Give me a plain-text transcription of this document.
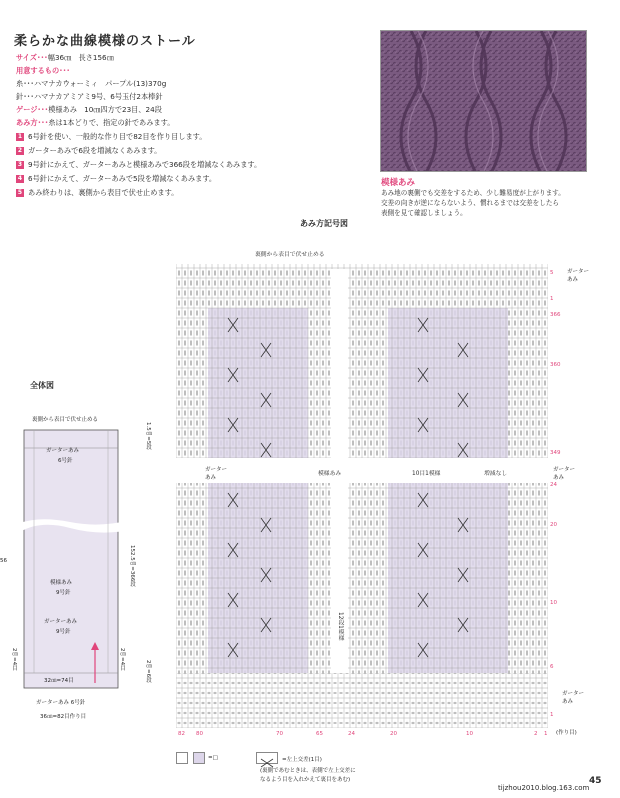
柔らかな曲線模様のストール
サイズ･･･幅36㎝　長さ156㎝
用意するもの･･･
糸･･･ハマナカウォーミィ　パープル(13)370g
針･･･ハマナカアミアミ9号、6号玉付2本棒針
ゲージ･･･模様あみ　10㎝四方で23目、24段
あみ方･･･糸は1本どりで、指定の針であみます。
1 6号針を使い、一般的な作り目で82目を作り目します。
2 ガーターあみで6段を増減なくあみます。
3 9号針にかえて、ガーターあみと模様あみで366段を増減なくあみます。
4 6号針にかえて、ガーターあみで5段を増減なくあみます。
5 あみ終わりは、裏側から表目で伏せ止めます。
模様あみ
あみ地の裏側でも交差をするため、少し難易度が上がります。
交差の向きが逆にならないよう、慣れるまでは交差をしたら
表側を見て確認しましょう。
あみ方記号図
裏側から表目で伏せ止める
ガーター
あみ
5
1
366
360
349
ガーター
あみ
模様あみ	10目1模様	増減なし
ガーター
あみ
24
20
10
6
1
12段1模様
ガーター
あみ
(作り目)
82 80	70	65	24	20	10	2 1
全体図
裏側から表目で伏せ止める
ガーターあみ
6号針
模様あみ
9号針
ガーターあみ
9号針
32㎝=74目
ガーターあみ 6号針
36㎝=82目作り目
1.5㎝=5段
152.5㎝=366段
2㎝=4目
2㎝=6段
2㎝=4目
56
=□	=左上交差(1目)
(裏側であむときは、表側で左上交差に
なるよう目を入れかえて裏目をあむ)	45
tijzhou2010.blog.163.com
